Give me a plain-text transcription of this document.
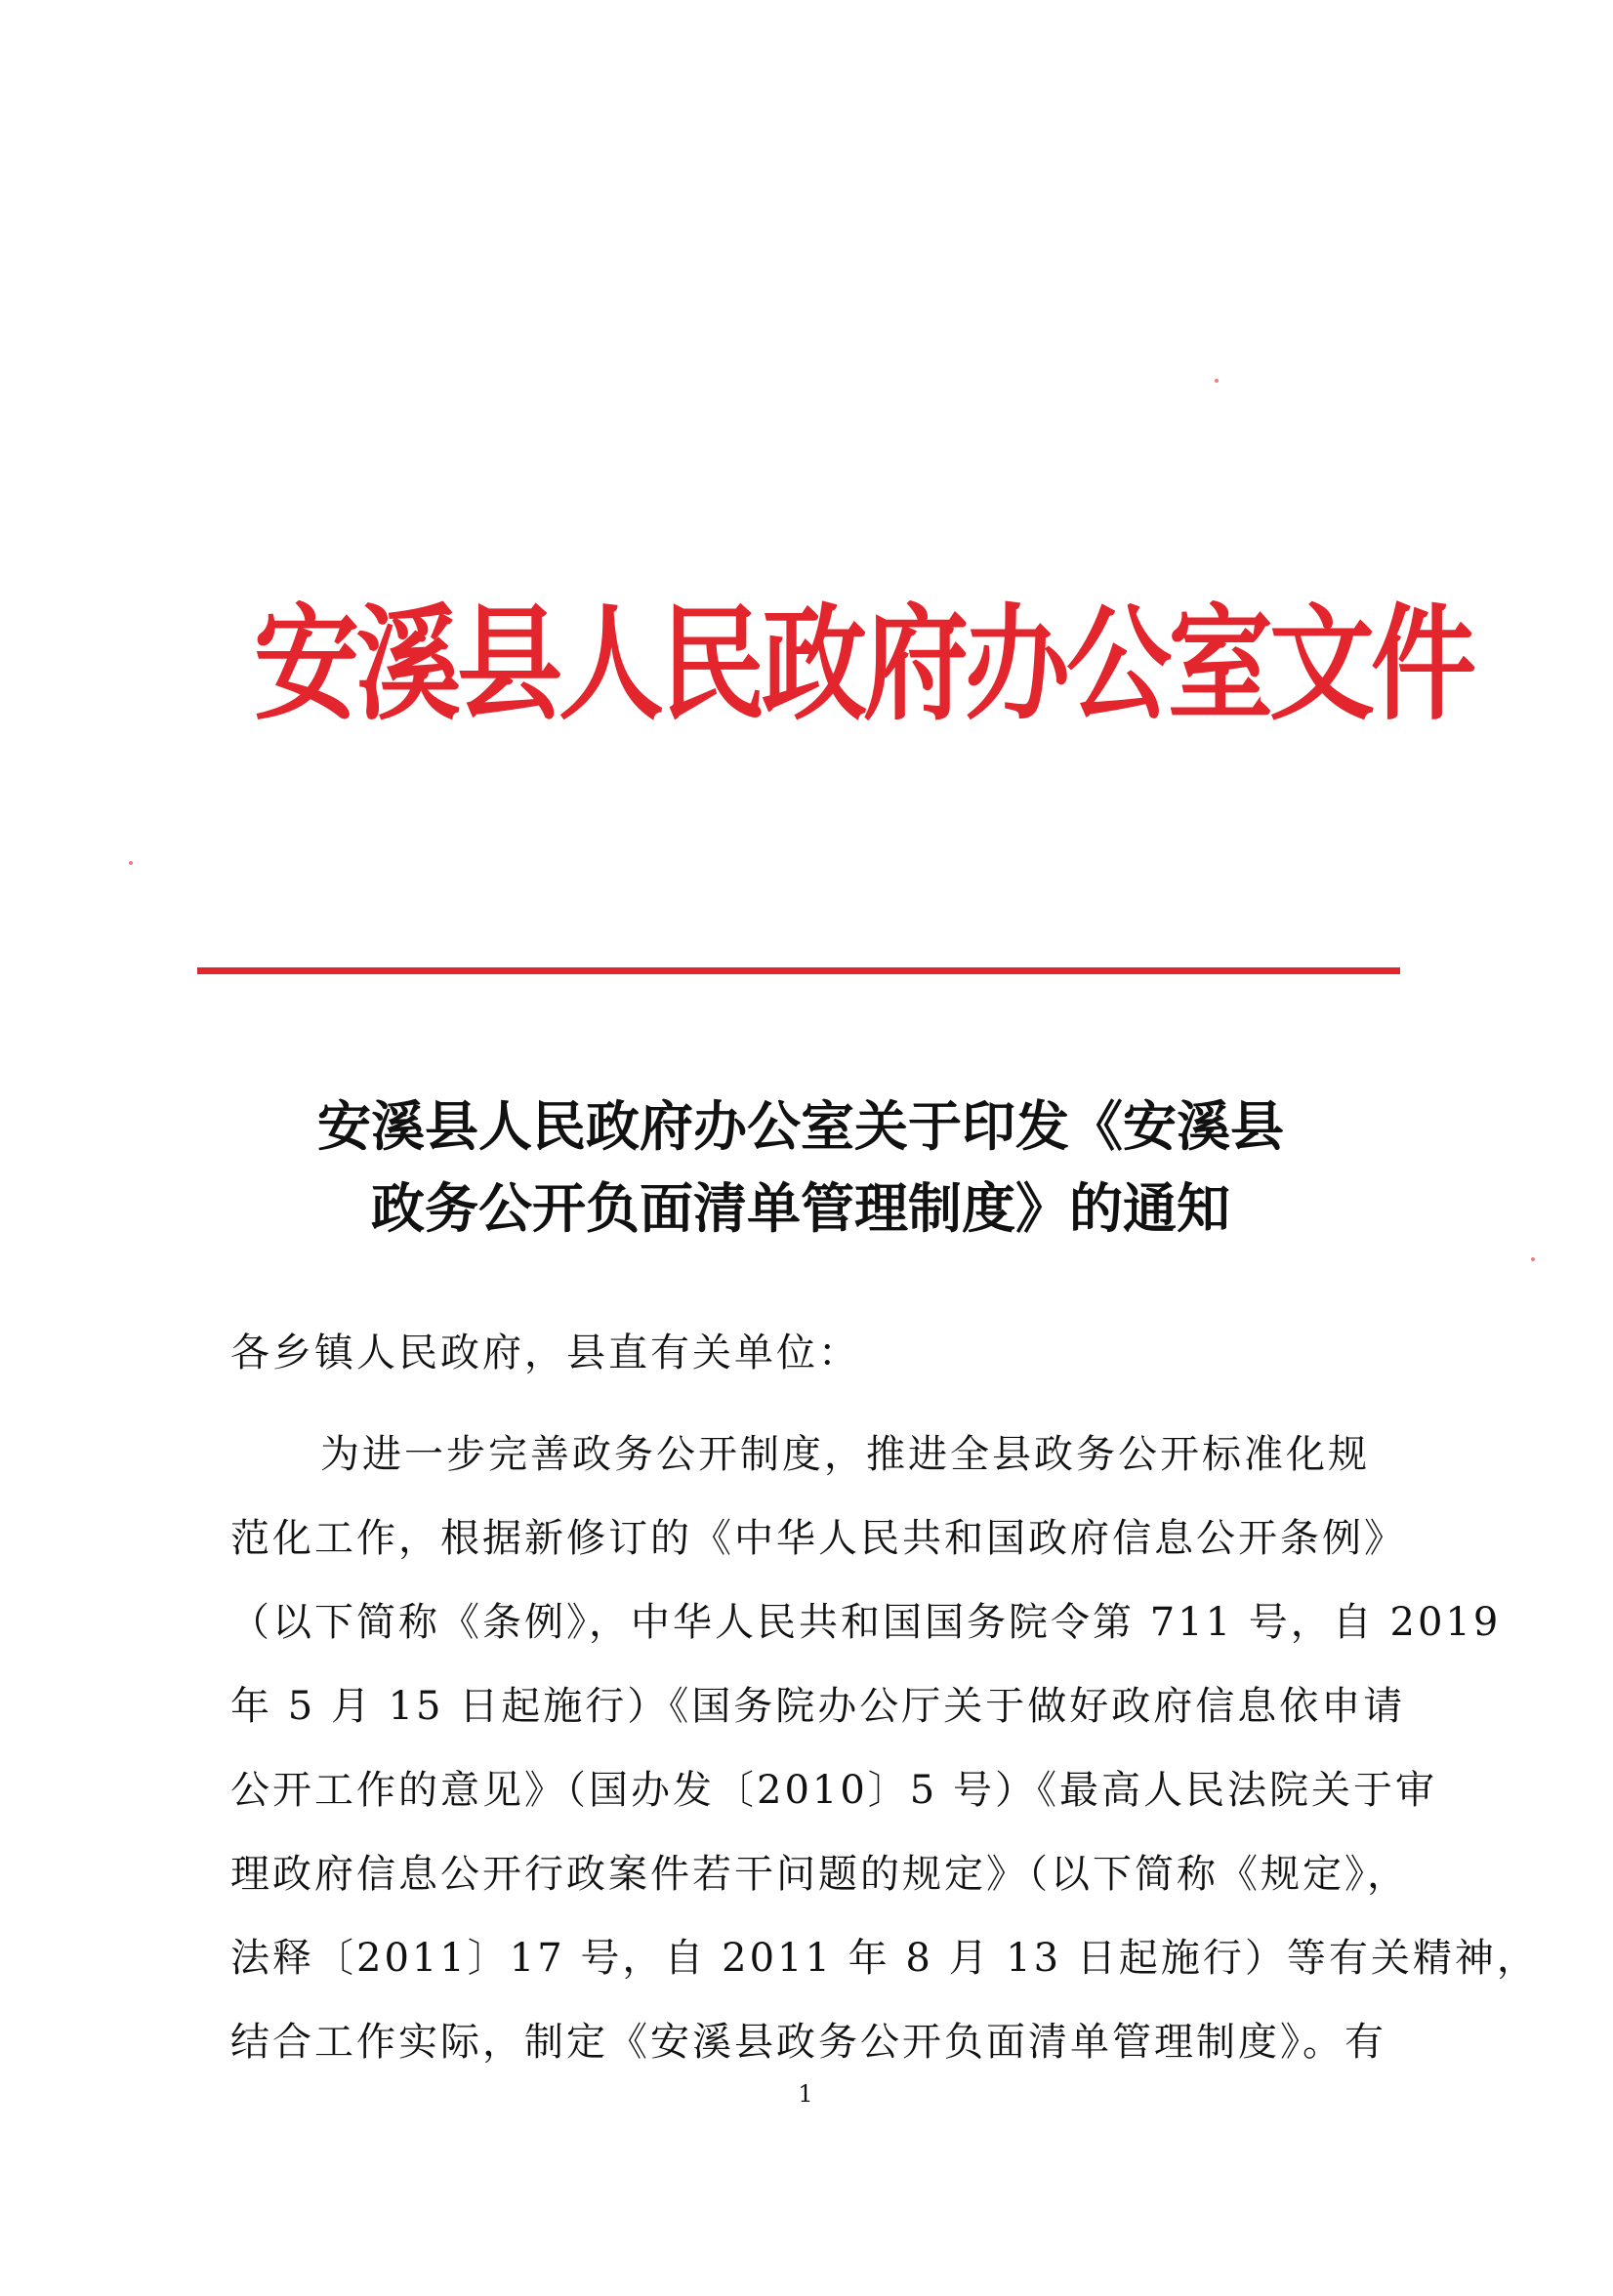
安溪县人民政府办公室文件
安溪县人民政府办公室关于印发《安溪县
政务公开负面清单管理制度》的通知

各乡镇人民政府，县直有关单位：

为进一步完善政务公开制度，推进全县政务公开标准化规
范化工作，根据新修订的《中华人民共和国政府信息公开条例》
（以下简称《条例》，中华人民共和国国务院令第 711 号，自 2019
年 5 月 15 日起施行）《国务院办公厅关于做好政府信息依申请
公开工作的意见》（国办发〔2010〕5 号）《最高人民法院关于审
理政府信息公开行政案件若干问题的规定》（以下简称《规定》，
法释〔2011〕17 号，自 2011 年 8 月 13 日起施行）等有关精神，
结合工作实际，制定《安溪县政务公开负面清单管理制度》。有
1
